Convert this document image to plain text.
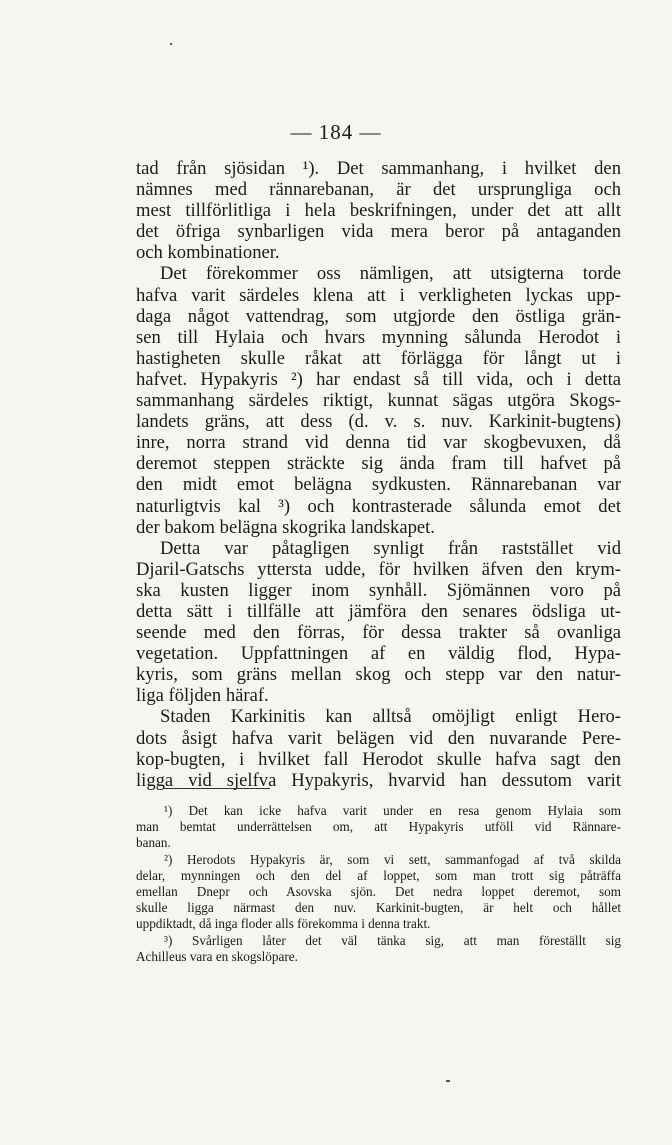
— 184 —
tad från sjösidan ¹). Det sammanhang, i hvilket den
nämnes med rännarebanan, är det ursprungliga och
mest tillförlitliga i hela beskrifningen, under det att allt
det öfriga synbarligen vida mera beror på antaganden
och kombinationer.
Det förekommer oss nämligen, att utsigterna torde
hafva varit särdeles klena att i verkligheten lyckas upp-
daga något vattendrag, som utgjorde den östliga grän-
sen till Hylaia och hvars mynning sålunda Herodot i
hastigheten skulle råkat att förlägga för långt ut i
hafvet. Hypakyris ²) har endast så till vida, och i detta
sammanhang särdeles riktigt, kunnat sägas utgöra Skogs-
landets gräns, att dess (d. v. s. nuv. Karkinit-bugtens)
inre, norra strand vid denna tid var skogbevuxen, då
deremot steppen sträckte sig ända fram till hafvet på
den midt emot belägna sydkusten. Rännarebanan var
naturligtvis kal ³) och kontrasterade sålunda emot det
der bakom belägna skogrika landskapet.
Detta var påtagligen synligt från raststället vid
Djaril-Gatschs yttersta udde, för hvilken äfven den krym-
ska kusten ligger inom synhåll. Sjömännen voro på
detta sätt i tillfälle att jämföra den senares ödsliga ut-
seende med den förras, för dessa trakter så ovanliga
vegetation. Uppfattningen af en väldig flod, Hypa-
kyris, som gräns mellan skog och stepp var den natur-
liga följden häraf.
Staden Karkinitis kan alltså omöjligt enligt Hero-
dots åsigt hafva varit belägen vid den nuvarande Pere-
kop-bugten, i hvilket fall Herodot skulle hafva sagt den
ligga vid sjelfva Hypakyris, hvarvid han dessutom varit
¹) Det kan icke hafva varit under en resa genom Hylaia som
man bemtat underrättelsen om, att Hypakyris utföll vid Rännare-
banan.
²) Herodots Hypakyris är, som vi sett, sammanfogad af två skilda
delar, mynningen och den del af loppet, som man trott sig påträffa
emellan Dnepr och Asovska sjön. Det nedra loppet deremot, som
skulle ligga närmast den nuv. Karkinit-bugten, är helt och hållet
uppdiktadt, då inga floder alls förekomma i denna trakt.
³) Svårligen låter det väl tänka sig, att man föreställt sig
Achilleus vara en skogslöpare.
